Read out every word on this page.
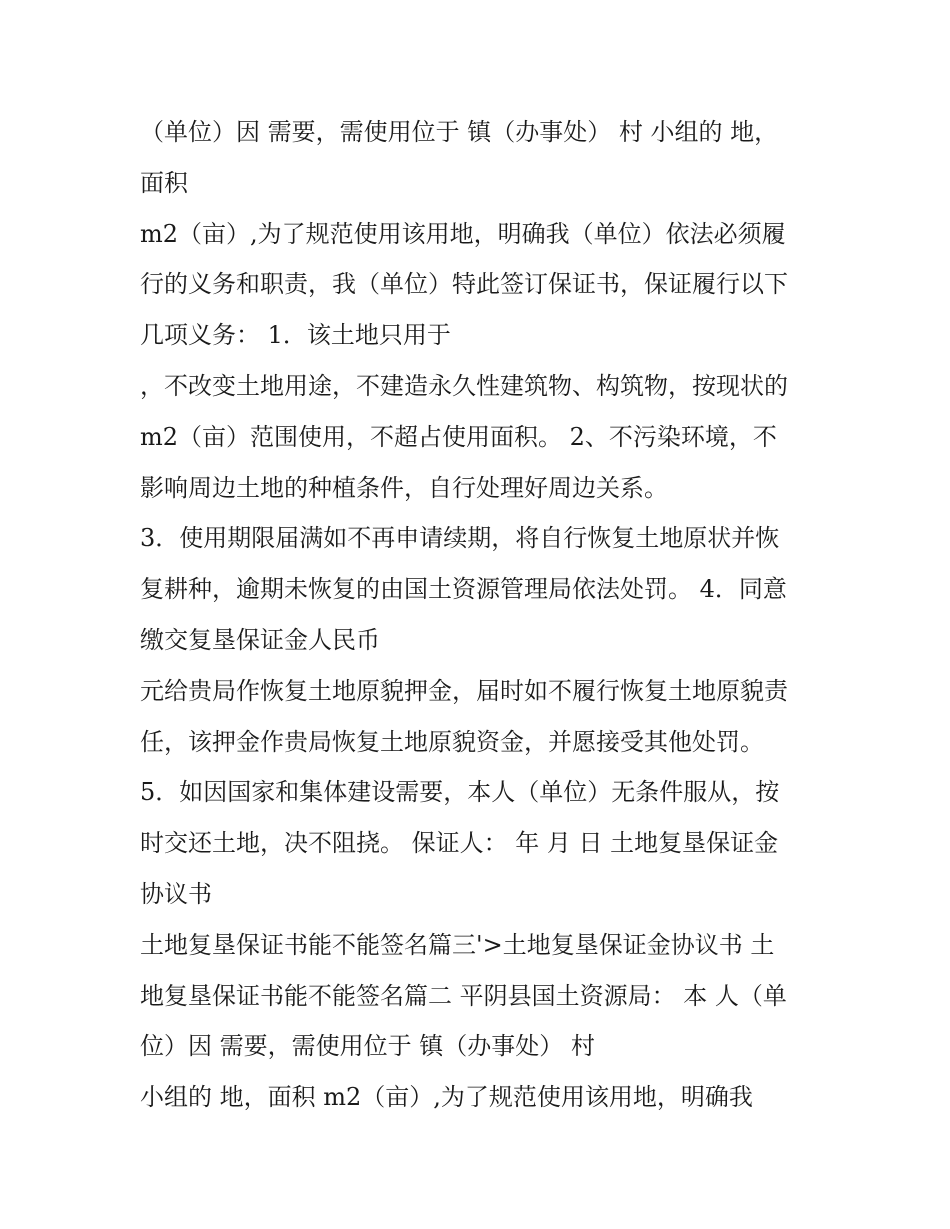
（单位）因 需要，需使用位于 镇（办事处） 村 小组的 地，
面积
m2（亩）,为了规范使用该用地，明确我（单位）依法必须履
行的义务和职责，我（单位）特此签订保证书，保证履行以下
几项义务： 1．该土地只用于
，不改变土地用途，不建造永久性建筑物、构筑物，按现状的
m2（亩）范围使用，不超占使用面积。 2、不污染环境，不
影响周边土地的种植条件，自行处理好周边关系。
3．使用期限届满如不再申请续期，将自行恢复土地原状并恢
复耕种，逾期未恢复的由国土资源管理局依法处罚。 4．同意
缴交复垦保证金人民币
元给贵局作恢复土地原貌押金，届时如不履行恢复土地原貌责
任，该押金作贵局恢复土地原貌资金，并愿接受其他处罚。
5．如因国家和集体建设需要，本人（单位）无条件服从，按
时交还土地，决不阻挠。 保证人： 年 月 日 土地复垦保证金
协议书
土地复垦保证书能不能签名篇三'>土地复垦保证金协议书 土
地复垦保证书能不能签名篇二 平阴县国土资源局： 本 人（单
位）因 需要，需使用位于 镇（办事处） 村
小组的 地，面积 m2（亩）,为了规范使用该用地，明确我
